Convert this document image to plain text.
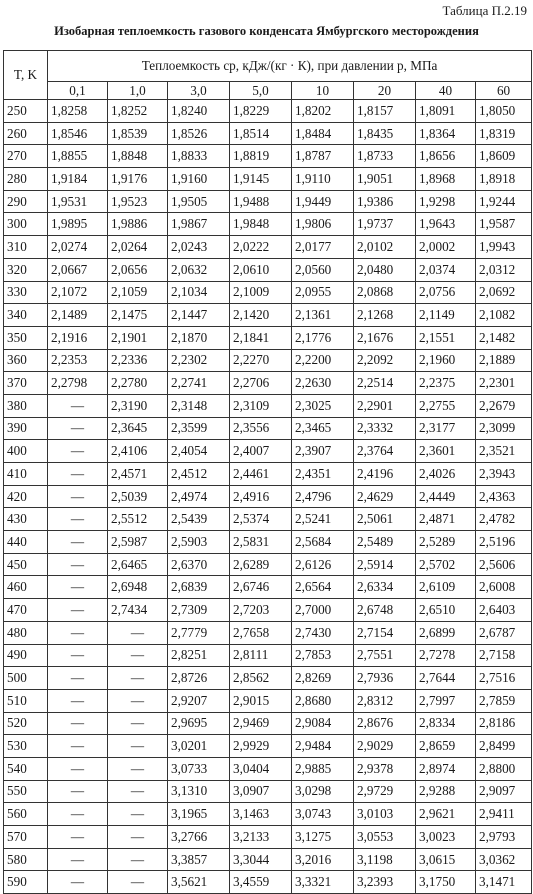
Таблица П.2.19
Изобарная теплоемкость газового конденсата Ямбургского месторождения
T, K	Теплоемкость cp, кДж/(кг · К), при давлении p, МПа							
	0,1	1,0	3,0	5,0	10	20	40	60
250	1,8258	1,8252	1,8240	1,8229	1,8202	1,8157	1,8091	1,8050
260	1,8546	1,8539	1,8526	1,8514	1,8484	1,8435	1,8364	1,8319
270	1,8855	1,8848	1,8833	1,8819	1,8787	1,8733	1,8656	1,8609
280	1,9184	1,9176	1,9160	1,9145	1,9110	1,9051	1,8968	1,8918
290	1,9531	1,9523	1,9505	1,9488	1,9449	1,9386	1,9298	1,9244
300	1,9895	1,9886	1,9867	1,9848	1,9806	1,9737	1,9643	1,9587
310	2,0274	2,0264	2,0243	2,0222	2,0177	2,0102	2,0002	1,9943
320	2,0667	2,0656	2,0632	2,0610	2,0560	2,0480	2,0374	2,0312
330	2,1072	2,1059	2,1034	2,1009	2,0955	2,0868	2,0756	2,0692
340	2,1489	2,1475	2,1447	2,1420	2,1361	2,1268	2,1149	2,1082
350	2,1916	2,1901	2,1870	2,1841	2,1776	2,1676	2,1551	2,1482
360	2,2353	2,2336	2,2302	2,2270	2,2200	2,2092	2,1960	2,1889
370	2,2798	2,2780	2,2741	2,2706	2,2630	2,2514	2,2375	2,2301
380	—	2,3190	2,3148	2,3109	2,3025	2,2901	2,2755	2,2679
390	—	2,3645	2,3599	2,3556	2,3465	2,3332	2,3177	2,3099
400	—	2,4106	2,4054	2,4007	2,3907	2,3764	2,3601	2,3521
410	—	2,4571	2,4512	2,4461	2,4351	2,4196	2,4026	2,3943
420	—	2,5039	2,4974	2,4916	2,4796	2,4629	2,4449	2,4363
430	—	2,5512	2,5439	2,5374	2,5241	2,5061	2,4871	2,4782
440	—	2,5987	2,5903	2,5831	2,5684	2,5489	2,5289	2,5196
450	—	2,6465	2,6370	2,6289	2,6126	2,5914	2,5702	2,5606
460	—	2,6948	2,6839	2,6746	2,6564	2,6334	2,6109	2,6008
470	—	2,7434	2,7309	2,7203	2,7000	2,6748	2,6510	2,6403
480	—	—	2,7779	2,7658	2,7430	2,7154	2,6899	2,6787
490	—	—	2,8251	2,8111	2,7853	2,7551	2,7278	2,7158
500	—	—	2,8726	2,8562	2,8269	2,7936	2,7644	2,7516
510	—	—	2,9207	2,9015	2,8680	2,8312	2,7997	2,7859
520	—	—	2,9695	2,9469	2,9084	2,8676	2,8334	2,8186
530	—	—	3,0201	2,9929	2,9484	2,9029	2,8659	2,8499
540	—	—	3,0733	3,0404	2,9885	2,9378	2,8974	2,8800
550	—	—	3,1310	3,0907	3,0298	2,9729	2,9288	2,9097
560	—	—	3,1965	3,1463	3,0743	3,0103	2,9621	2,9411
570	—	—	3,2766	3,2133	3,1275	3,0553	3,0023	2,9793
580	—	—	3,3857	3,3044	3,2016	3,1198	3,0615	3,0362
590	—	—	3,5621	3,4559	3,3321	3,2393	3,1750	3,1471
